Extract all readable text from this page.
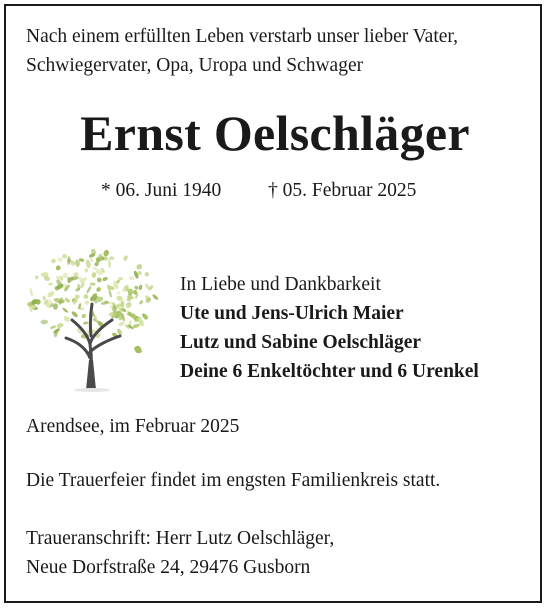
Nach einem erfüllten Leben verstarb unser lieber Vater,
Schwiegervater, Opa, Uropa und Schwager
Ernst Oelschläger
* 06. Juni 1940 † 05. Februar 2025
In Liebe und Dankbarkeit
Ute und Jens-Ulrich Maier
Lutz und Sabine Oelschläger
Deine 6 Enkeltöchter und 6 Urenkel
Arendsee, im Februar 2025
Die Trauerfeier findet im engsten Familienkreis statt.
Traueranschrift: Herr Lutz Oelschläger,
Neue Dorfstraße 24, 29476 Gusborn
